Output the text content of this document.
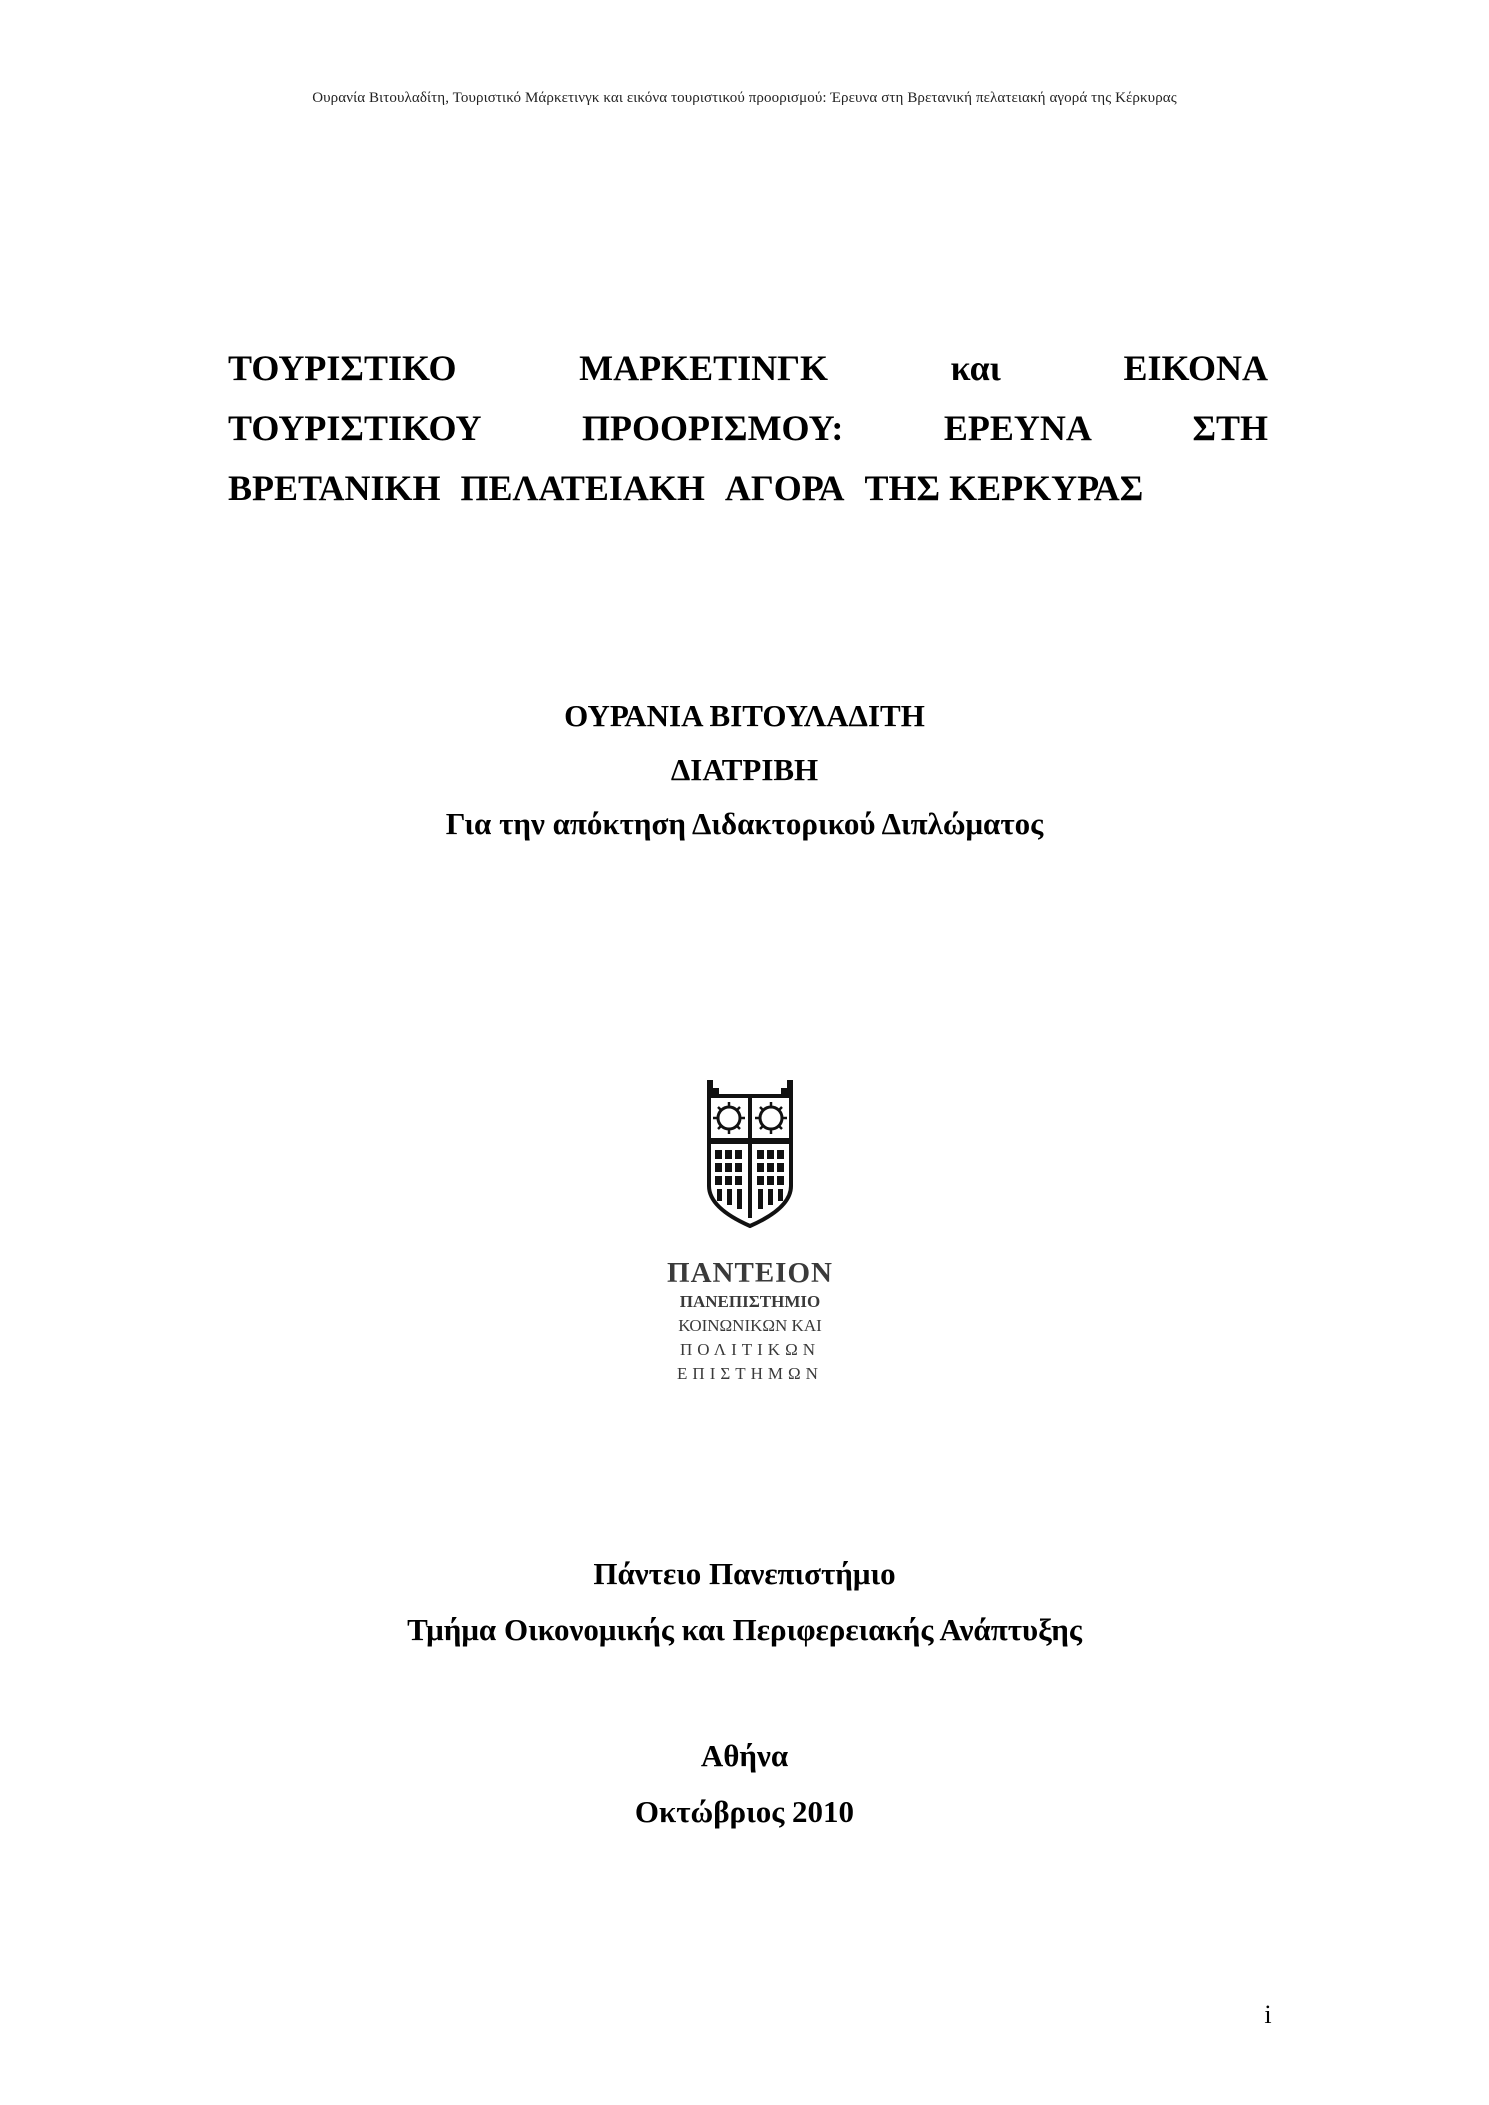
Ουρανία Βιτουλαδίτη, Τουριστικό Μάρκετινγκ και εικόνα τουριστικού προορισμού: Έρευνα στη Βρετανική πελατειακή αγορά της Κέρκυρας
ΤΟΥΡΙΣΤΙΚΟ	ΜΑΡΚΕΤΙΝΓΚ	και	ΕΙΚΟΝΑ
ΤΟΥΡΙΣΤΙΚΟΥ	ΠΡΟΟΡΙΣΜΟΥ:	ΕΡΕΥΝΑ	ΣΤΗ
ΒΡΕΤΑΝΙΚΗ ΠΕΛΑΤΕΙΑΚΗ ΑΓΟΡΑ ΤΗΣ ΚΕΡΚΥΡΑΣ
ΟΥΡΑΝΙΑ ΒΙΤΟΥΛΑΔΙΤΗ
ΔΙΑΤΡΙΒΗ
Για την απόκτηση Διδακτορικού Διπλώματος
ΠΑΝΤΕΙΟΝ
ΠΑΝΕΠΙΣΤΗΜΙΟ
ΚΟΙΝΩΝΙΚΩΝ ΚΑΙ
ΠΟΛΙΤΙΚΩΝ
ΕΠΙΣΤΗΜΩΝ
Πάντειο Πανεπιστήμιο
Τμήμα Οικονομικής και Περιφερειακής Ανάπτυξης
Αθήνα
Οκτώβριος 2010
i
